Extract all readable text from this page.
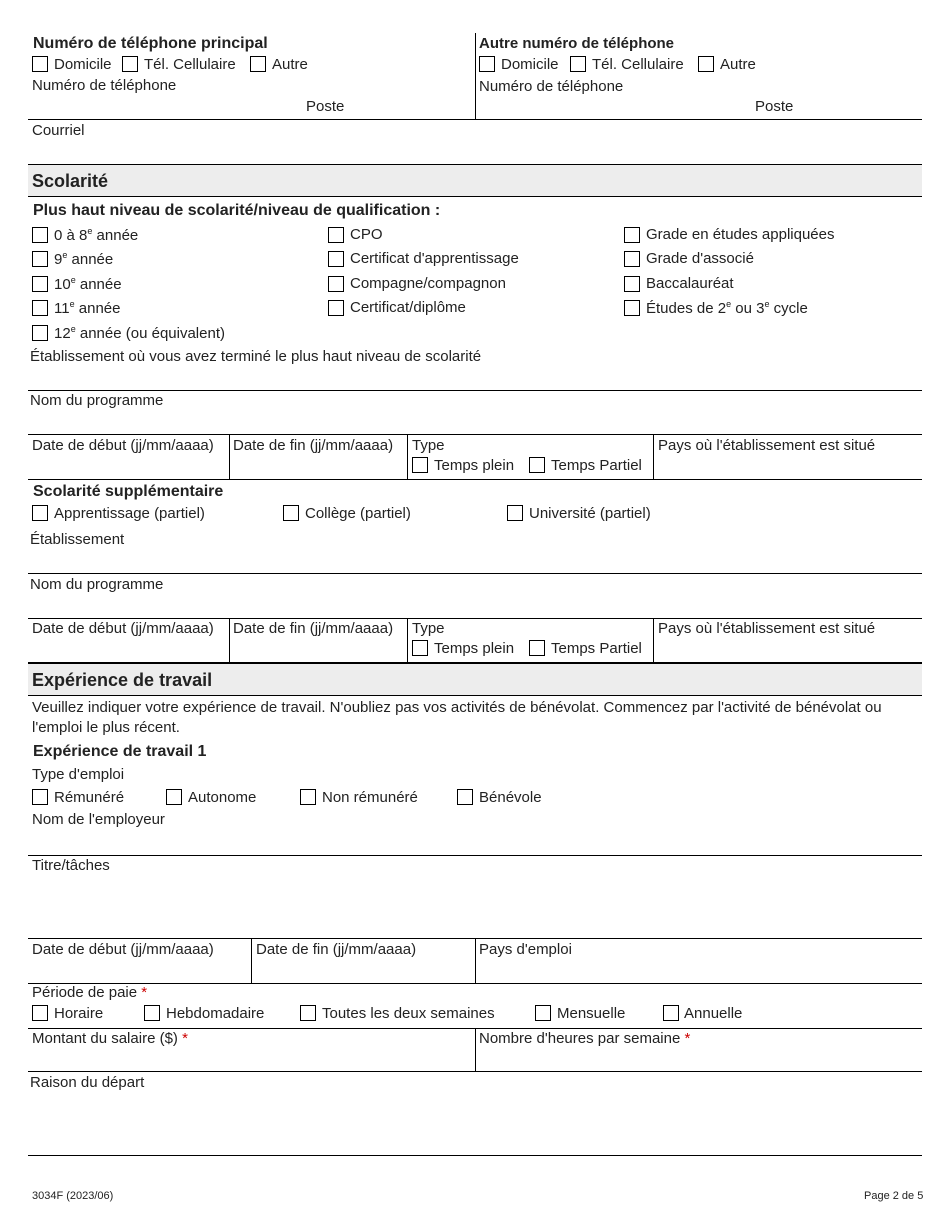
Numéro de téléphone principal
Domicile Tél. Cellulaire Autre
Numéro de téléphone
Poste
Autre numéro de téléphone
Domicile Tél. Cellulaire Autre
Numéro de téléphone
Poste
Courriel
Scolarité
Plus haut niveau de scolarité/niveau de qualification :
0 à 8e année
9e année
10e année
11e année
12e année (ou équivalent)
CPO
Certificat d'apprentissage
Compagne/compagnon
Certificat/diplôme
Grade en études appliquées
Grade d'associé
Baccalauréat
Études de 2e ou 3e cycle
Établissement où vous avez terminé le plus haut niveau de scolarité
Nom du programme
Date de début (jj/mm/aaaa) Date de fin (jj/mm/aaaa) Type
Temps plein Temps Partiel
Pays où l'établissement est situé
Scolarité supplémentaire
Apprentissage (partiel)	Collège (partiel)	Université (partiel)
Établissement
Nom du programme
Date de début (jj/mm/aaaa) Date de fin (jj/mm/aaaa) Type
Temps plein Temps Partiel
Pays où l'établissement est situé
Expérience de travail
Veuillez indiquer votre expérience de travail. N'oubliez pas vos activités de bénévolat. Commencez par l'activité de bénévolat ou
l'emploi le plus récent.
Expérience de travail 1
Type d'emploi
Rémunéré	Autonome	Non rémunéré	Bénévole
Nom de l'employeur
Titre/tâches
Date de début (jj/mm/aaaa)	Date de fin (jj/mm/aaaa)	Pays d'emploi
Période de paie *
Horaire	Hebdomadaire	Toutes les deux semaines	Mensuelle	Annuelle
Montant du salaire ($) *	Nombre d'heures par semaine *
Raison du départ
3034F (2023/06)	Page 2 de 5
